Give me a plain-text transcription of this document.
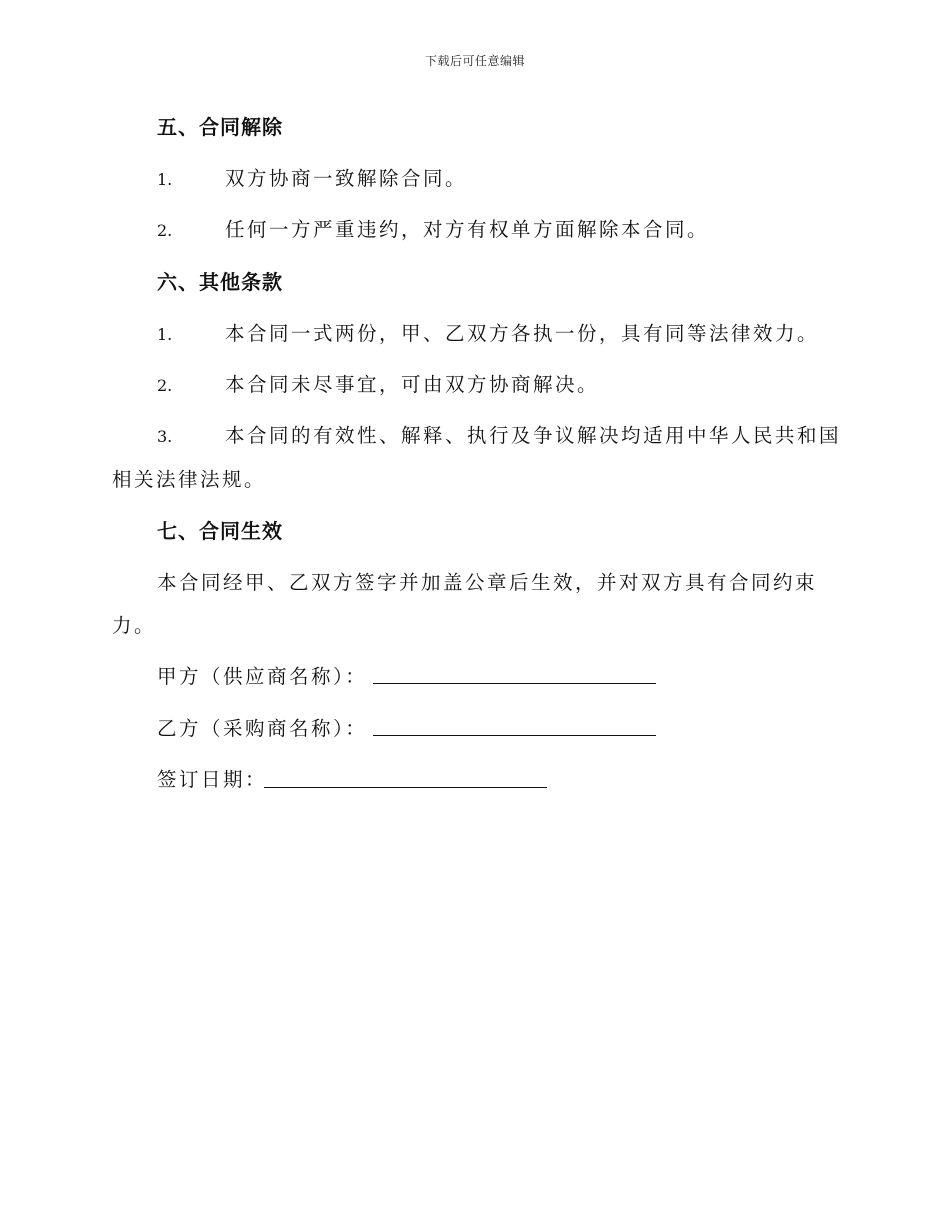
下载后可任意编辑
五、合同解除
1.	双方协商一致解除合同。
2.	任何一方严重违约，对方有权单方面解除本合同。
六、其他条款
1.	本合同一式两份，甲、乙双方各执一份，具有同等法律效力。
2.	本合同未尽事宜，可由双方协商解决。
3.	本合同的有效性、解释、执行及争议解决均适用中华人民共和国
相关法律法规。
七、合同生效
本合同经甲、乙双方签字并加盖公章后生效，并对双方具有合同约束
力。
甲方（供应商名称）：
乙方（采购商名称）：
签订日期：
